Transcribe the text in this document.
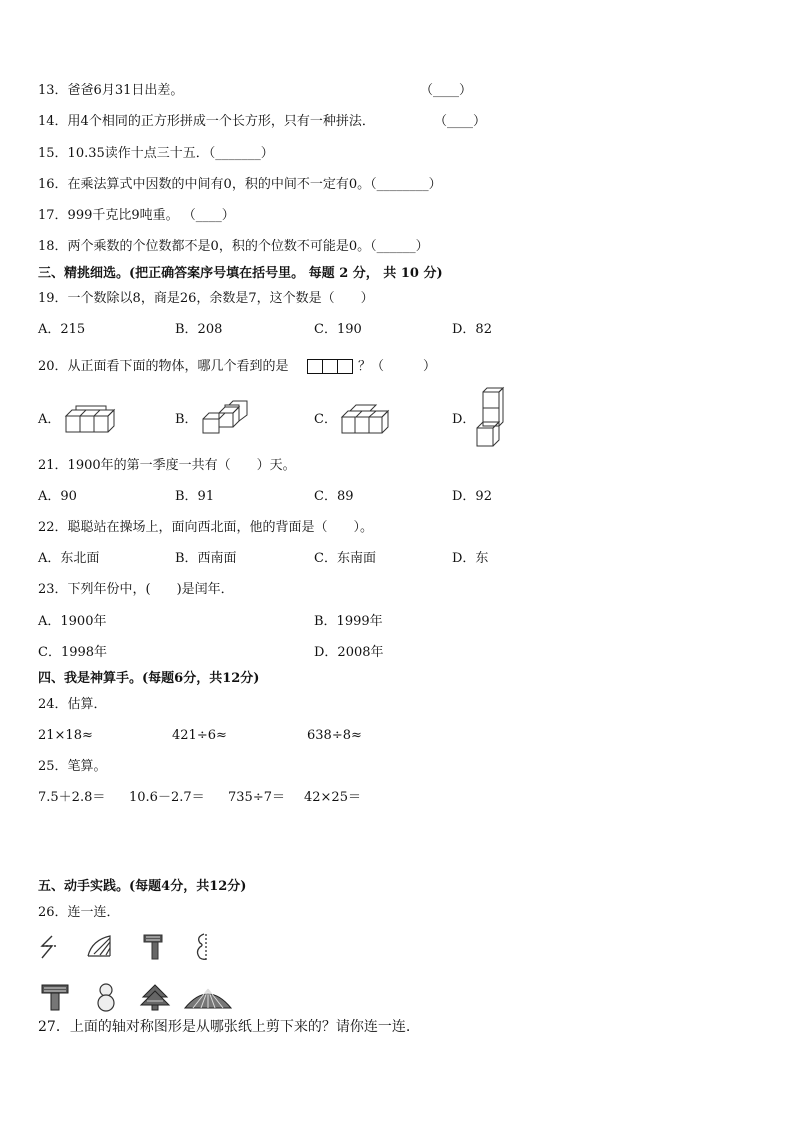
13．爸爸6月31日出差。	（____）
14．用4个相同的正方形拼成一个长方形，只有一种拼法．	（____）
15．10.35读作十点三十五．（_______）
16．在乘法算式中因数的中间有0，积的中间不一定有0。（________）
17．999千克比9吨重。 （____）
18．两个乘数的个位数都不是0，积的个位数不可能是0。（______）
三、精挑细选。(把正确答案序号填在括号里。 每题 2 分， 共 10 分)
19．一个数除以8，商是26，余数是7，这个数是（　　）
A．215	B．208	C．190	D．82
20．从正面看下面的物体，哪几个看到的是	？（　　　）
A．	B．	C．	D．
21．1900年的第一季度一共有（　　）天。
A．90	B．91	C．89	D．92
22．聪聪站在操场上，面向西北面，他的背面是（　　）。
A．东北面	B．西南面	C．东南面	D．东
23．下列年份中，(　　)是闰年．
A．1900年	B．1999年
C．1998年	D．2008年
四、我是神算手。(每题6分，共12分)
24．估算．
21×18≈	421÷6≈	638÷8≈
25．笔算。
7.5＋2.8＝ 10.6－2.7＝ 735÷7＝ 42×25＝
五、动手实践。(每题4分，共12分)
26．连一连．
27．上面的轴对称图形是从哪张纸上剪下来的？请你连一连.
